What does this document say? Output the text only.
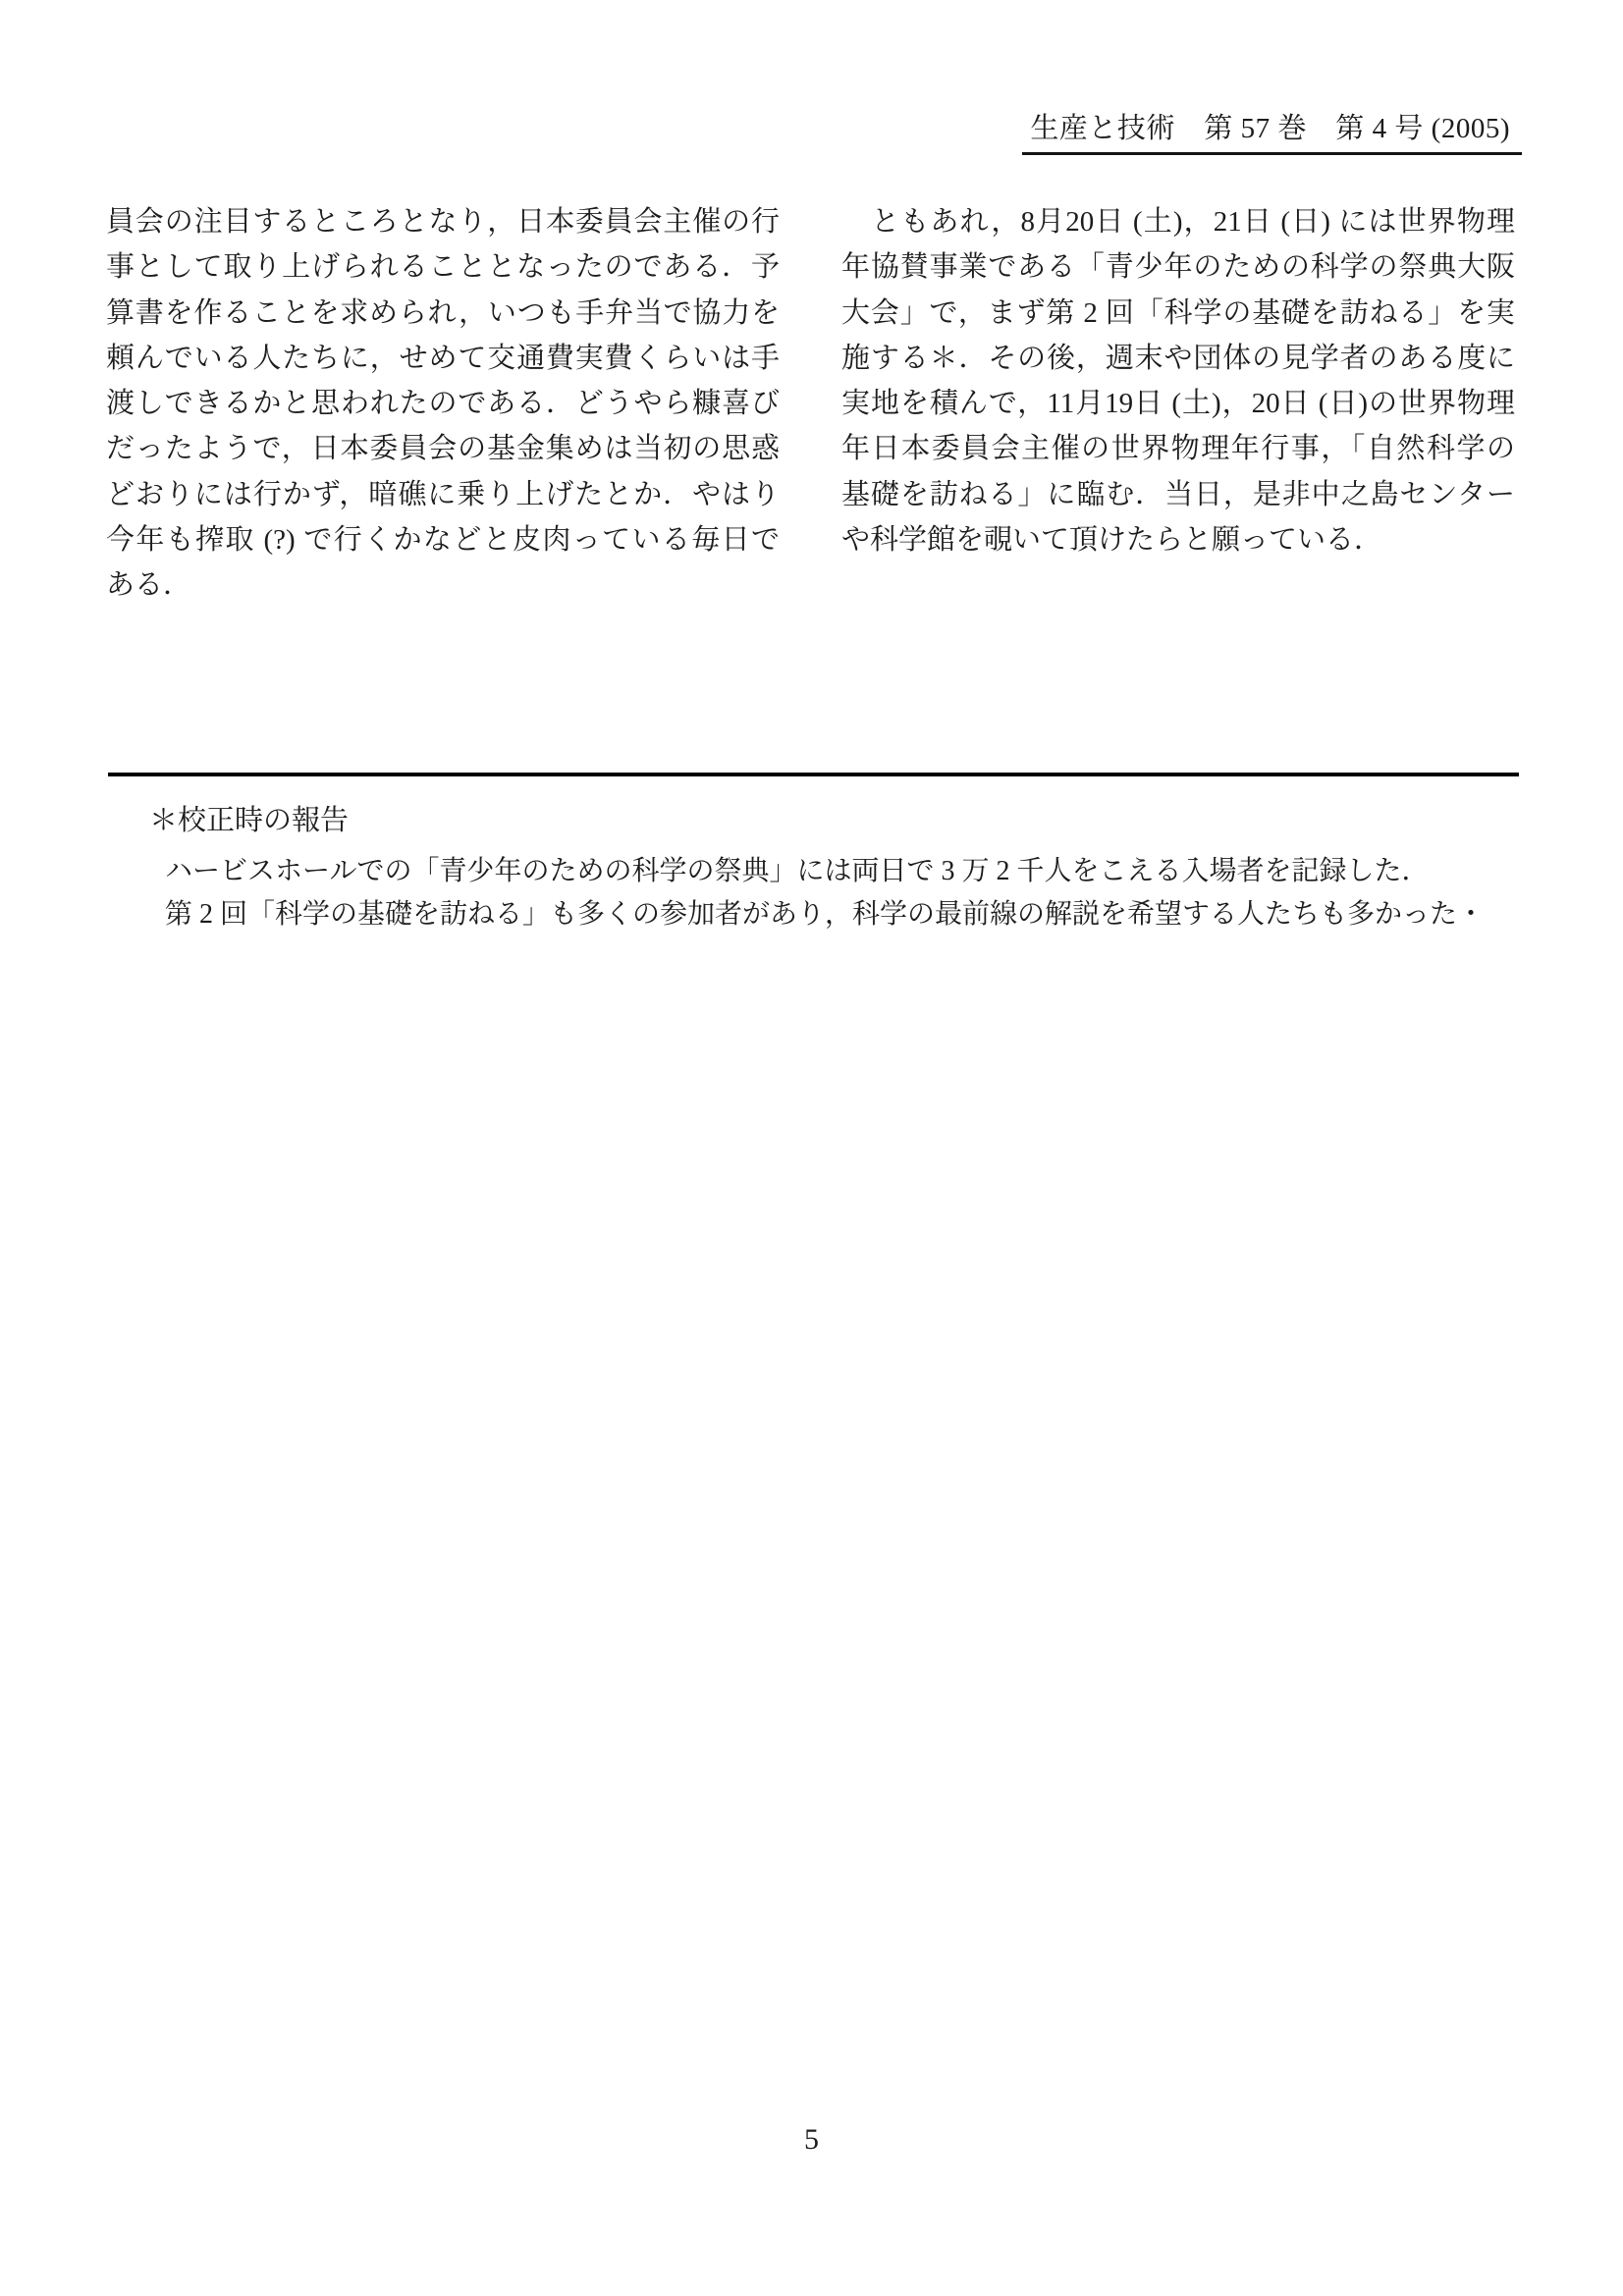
生産と技術　第 57 巻　第 4 号 (2005)

員会の注目するところとなり，日本委員会主催の行

事として取り上げられることとなったのである．予

算書を作ることを求められ，いつも手弁当で協力を

頼んでいる人たちに，せめて交通費実費くらいは手

渡しできるかと思われたのである．どうやら糠喜び

だったようで，日本委員会の基金集めは当初の思惑

どおりには行かず，暗礁に乗り上げたとか．やはり

今年も搾取 (?) で行くかなどと皮肉っている毎日で

ある．

　ともあれ，8月20日 (土)，21日 (日) には世界物理

年協賛事業である「青少年のための科学の祭典大阪

大会」で，まず第 2 回「科学の基礎を訪ねる」を実

施する＊．その後，週末や団体の見学者のある度に

実地を積んで，11月19日 (土)，20日 (日)の世界物理

年日本委員会主催の世界物理年行事，「自然科学の

基礎を訪ねる」に臨む．当日，是非中之島センター

や科学館を覗いて頂けたらと願っている．

＊校正時の報告

ハービスホールでの「青少年のための科学の祭典」には両日で 3 万 2 千人をこえる入場者を記録した．

第 2 回「科学の基礎を訪ねる」も多くの参加者があり，科学の最前線の解説を希望する人たちも多かった・

5
